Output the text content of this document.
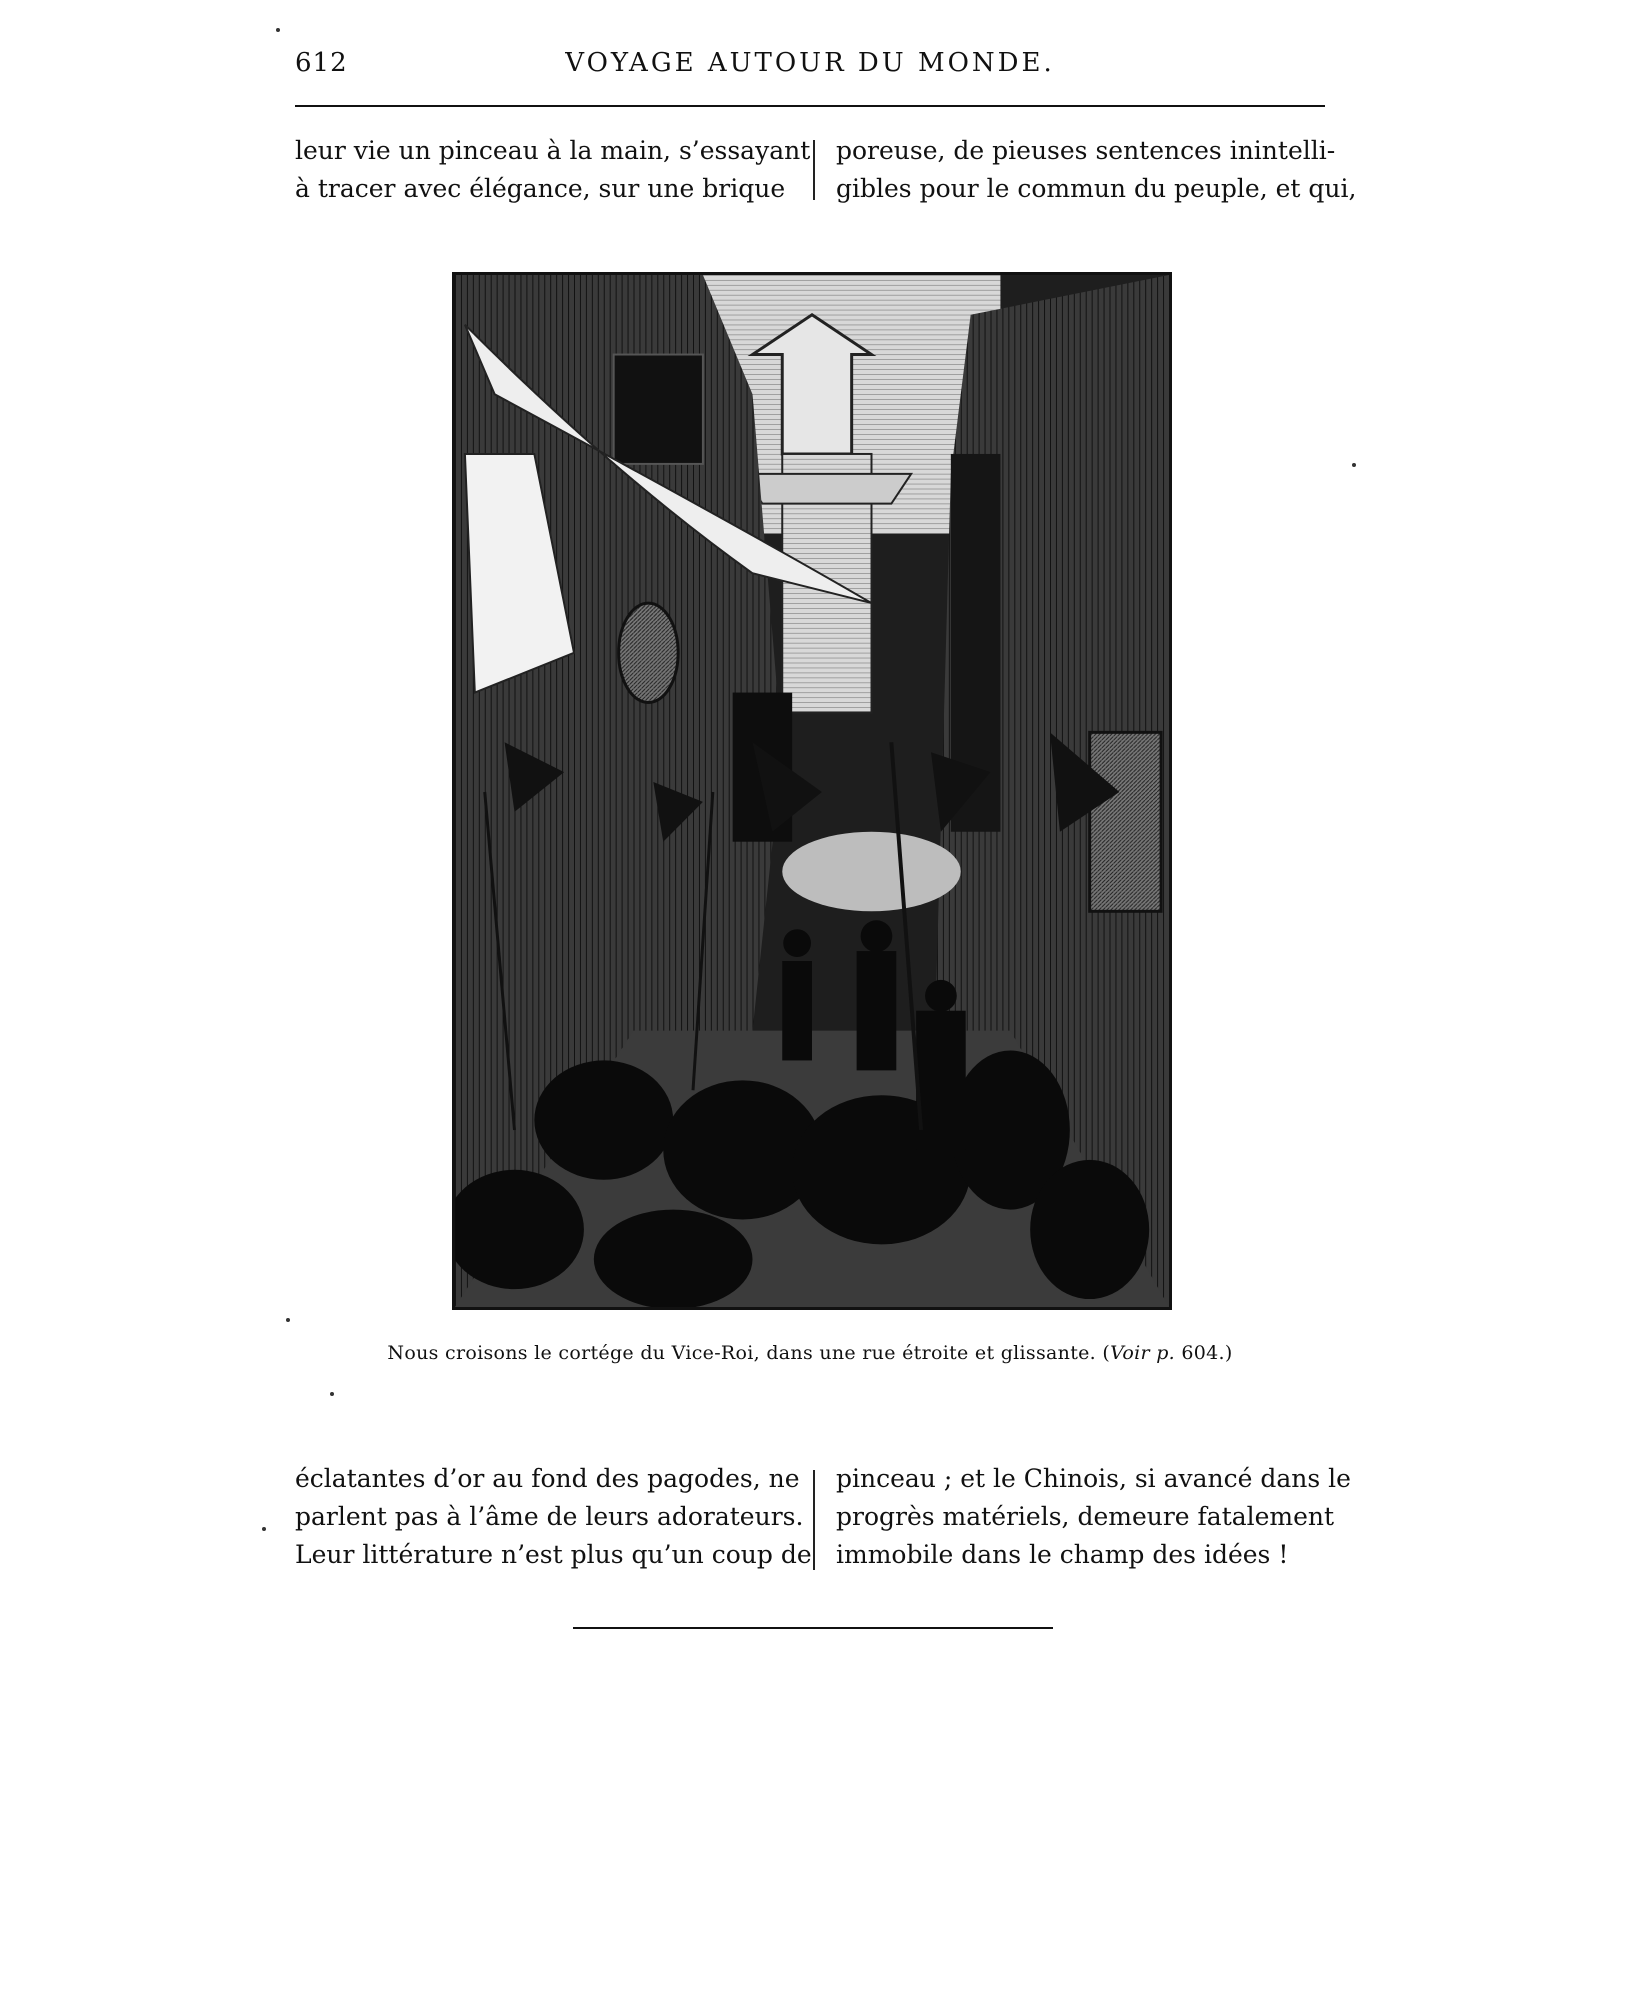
612	VOYAGE AUTOUR DU MONDE.
leur vie un pinceau à la main, s’essayant
à tracer avec élégance, sur une brique
poreuse, de pieuses sentences inintelli-
gibles pour le commun du peuple, et qui,
Nous croisons le cortége du Vice-Roi, dans une rue étroite et glissante. (Voir p. 604.)
éclatantes d’or au fond des pagodes, ne
parlent pas à l’âme de leurs adorateurs.
Leur littérature n’est plus qu’un coup de
pinceau ; et le Chinois, si avancé dans le
progrès matériels, demeure fatalement
immobile dans le champ des idées !
